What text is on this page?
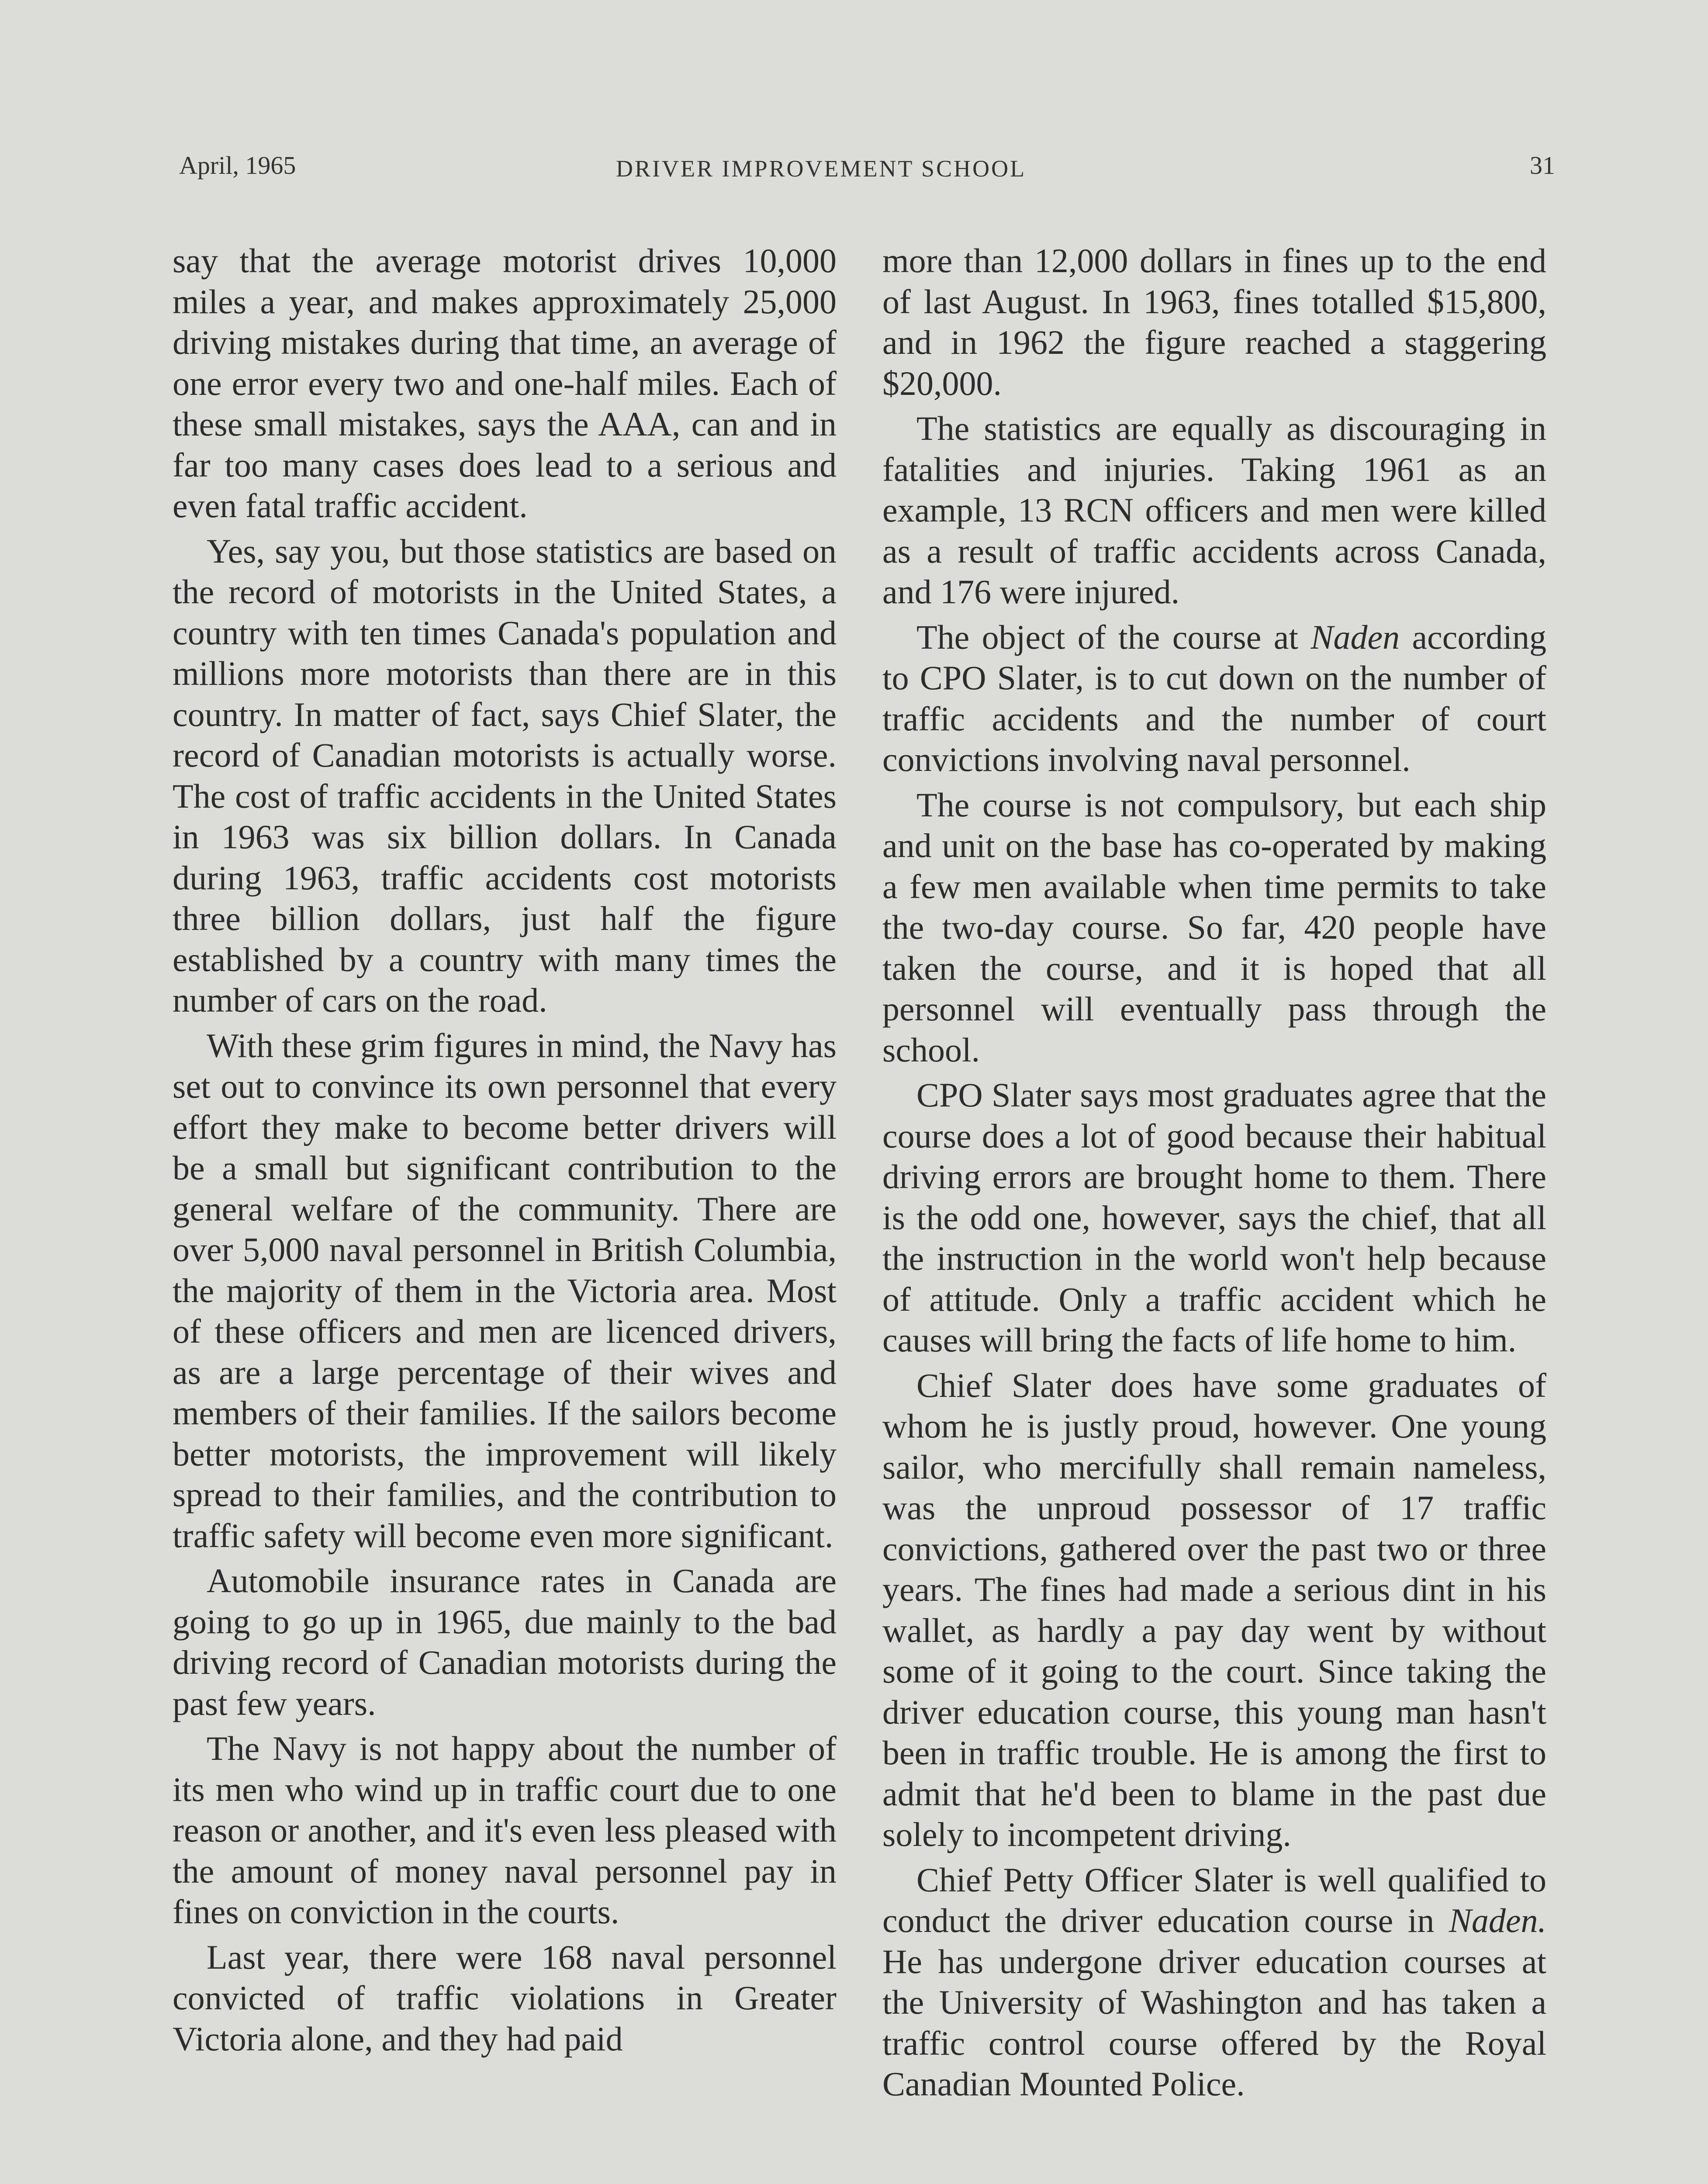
April, 1965	DRIVER IMPROVEMENT SCHOOL	31

say that the average motorist drives 10,000 miles a year, and makes approximately 25,000 driving mistakes during that time, an average of one error every two and one-half miles. Each of these small mistakes, says the AAA, can and in far too many cases does lead to a serious and even fatal traffic accident.

Yes, say you, but those statistics are based on the record of motorists in the United States, a country with ten times Canada's population and millions more motorists than there are in this country. In matter of fact, says Chief Slater, the record of Canadian motorists is actually worse. The cost of traffic accidents in the United States in 1963 was six billion dollars. In Canada during 1963, traffic accidents cost motorists three billion dollars, just half the figure established by a country with many times the number of cars on the road.

With these grim figures in mind, the Navy has set out to convince its own personnel that every effort they make to become better drivers will be a small but significant contribution to the general welfare of the community. There are over 5,000 naval personnel in British Columbia, the majority of them in the Victoria area. Most of these officers and men are licenced drivers, as are a large percentage of their wives and members of their families. If the sailors become better motorists, the improvement will likely spread to their families, and the contribution to traffic safety will become even more significant.

Automobile insurance rates in Canada are going to go up in 1965, due mainly to the bad driving record of Canadian motorists during the past few years.

The Navy is not happy about the number of its men who wind up in traffic court due to one reason or another, and it's even less pleased with the amount of money naval personnel pay in fines on conviction in the courts.

Last year, there were 168 naval personnel convicted of traffic violations in Greater Victoria alone, and they had paid

more than 12,000 dollars in fines up to the end of last August. In 1963, fines totalled $15,800, and in 1962 the figure reached a staggering $20,000.

The statistics are equally as discouraging in fatalities and injuries. Taking 1961 as an example, 13 RCN officers and men were killed as a result of traffic accidents across Canada, and 176 were injured.

The object of the course at Naden according to CPO Slater, is to cut down on the number of traffic accidents and the number of court convictions involving naval personnel.

The course is not compulsory, but each ship and unit on the base has co-operated by making a few men available when time permits to take the two-day course. So far, 420 people have taken the course, and it is hoped that all personnel will eventually pass through the school.

CPO Slater says most graduates agree that the course does a lot of good because their habitual driving errors are brought home to them. There is the odd one, however, says the chief, that all the instruction in the world won't help because of attitude. Only a traffic accident which he causes will bring the facts of life home to him.

Chief Slater does have some graduates of whom he is justly proud, however. One young sailor, who mercifully shall remain nameless, was the unproud possessor of 17 traffic convictions, gathered over the past two or three years. The fines had made a serious dint in his wallet, as hardly a pay day went by without some of it going to the court. Since taking the driver education course, this young man hasn't been in traffic trouble. He is among the first to admit that he'd been to blame in the past due solely to incompetent driving.

Chief Petty Officer Slater is well qualified to conduct the driver education course in Naden. He has undergone driver education courses at the University of Washington and has taken a traffic control course offered by the Royal Canadian Mounted Police.
